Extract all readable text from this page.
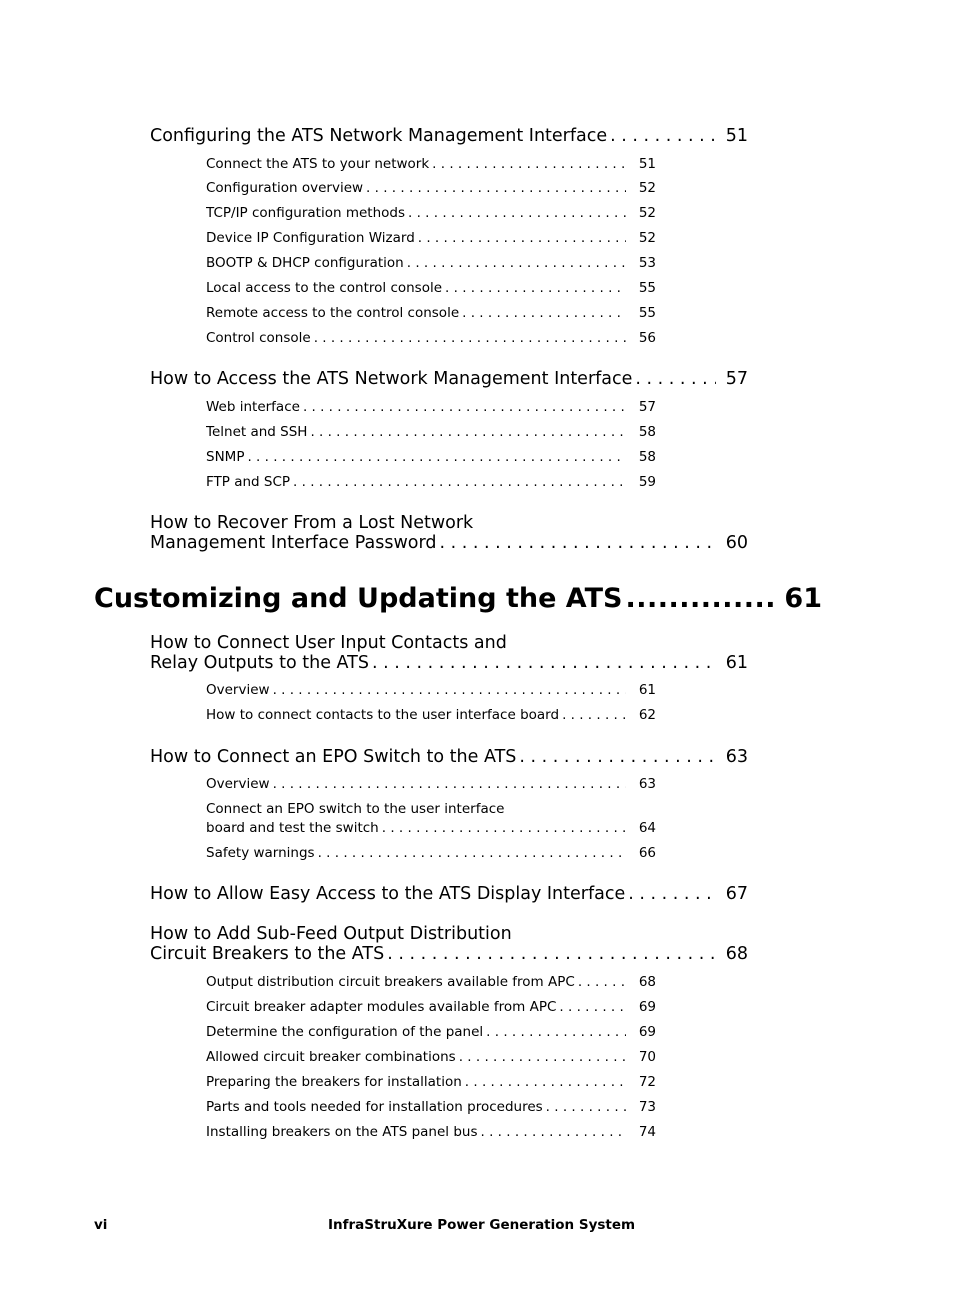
Configuring the ATS Network Management Interface . . .	51
Connect the ATS to your network . . .	51
Configuration overview . . .	52
TCP/IP configuration methods . . .	52
Device IP Configuration Wizard . . .	52
BOOTP & DHCP configuration . . .	53
Local access to the control console . . .	55
Remote access to the control console . . .	55
Control console . . .	56
How to Access the ATS Network Management Interface . . .	57
Web interface . . .	57
Telnet and SSH . . .	58
SNMP . . .	58
FTP and SCP . . .	59
How to Recover From a Lost Network
Management Interface Password . . .	60
Customizing and Updating the ATS .....	61
How to Connect User Input Contacts and
Relay Outputs to the ATS . . .	61
Overview . . .	61
How to connect contacts to the user interface board . . .	62
How to Connect an EPO Switch to the ATS . . .	63
Overview . . .	63
Connect an EPO switch to the user interface
board and test the switch . . .	64
Safety warnings . . .	66
How to Allow Easy Access to the ATS Display Interface . . .	67
How to Add Sub-Feed Output Distribution
Circuit Breakers to the ATS . . .	68
Output distribution circuit breakers available from APC . . .	68
Circuit breaker adapter modules available from APC . . .	69
Determine the configuration of the panel . . .	69
Allowed circuit breaker combinations . . .	70
Preparing the breakers for installation . . .	72
Parts and tools needed for installation procedures . . .	73
Installing breakers on the ATS panel bus . . .	74
vi	InfraStruXure Power Generation System
